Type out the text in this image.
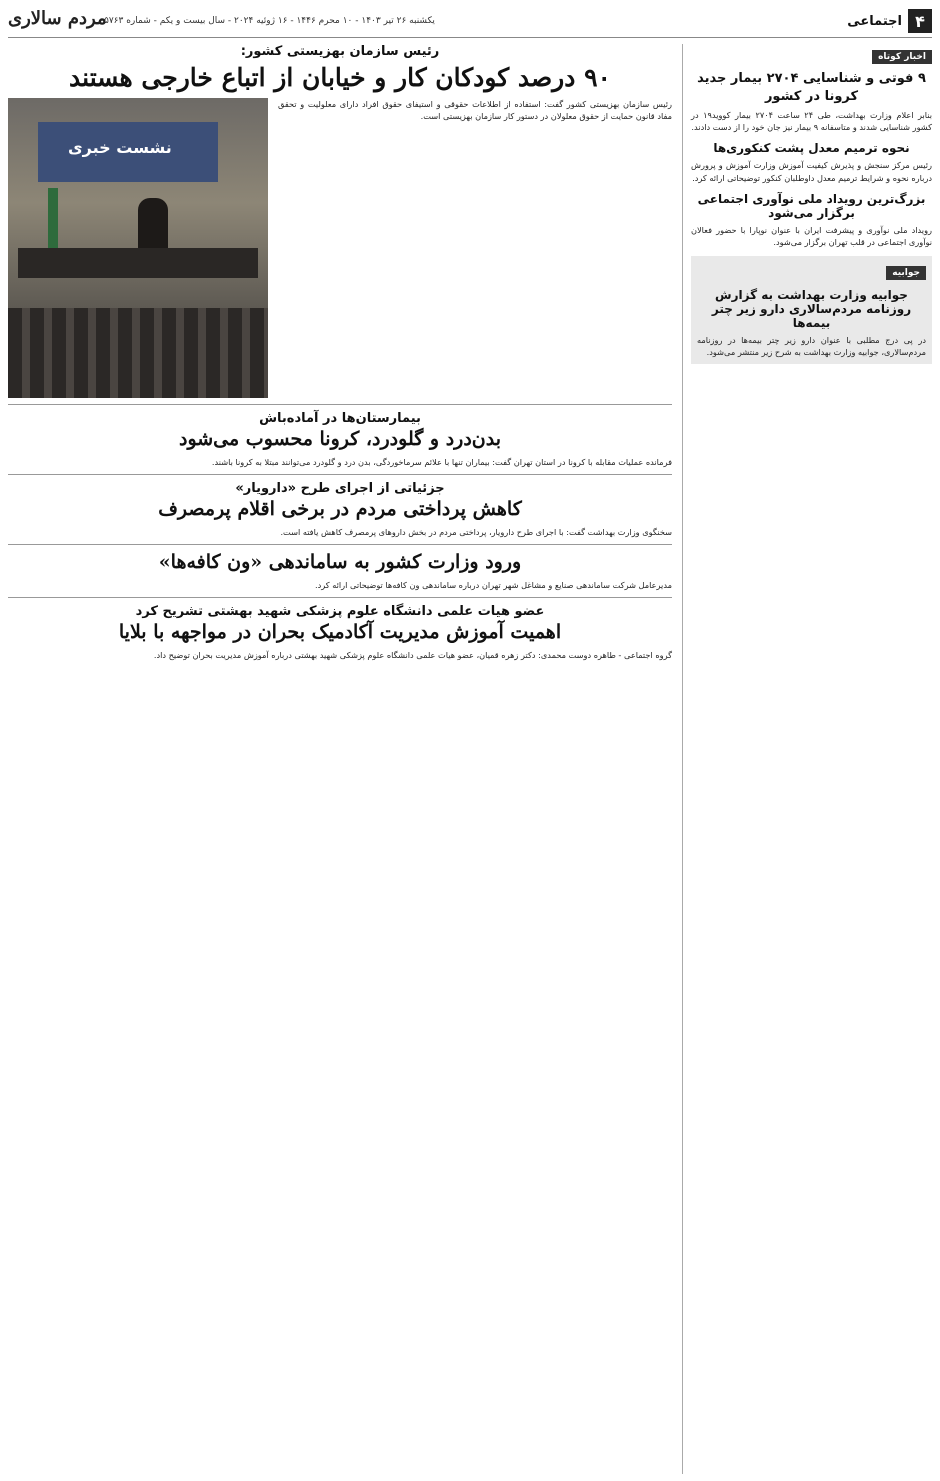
۴
اجتماعی
یکشنبه ۲۶ تیر ۱۴۰۳ - ۱۰ محرم ۱۴۴۶ - ۱۶ ژوئیه ۲۰۲۴ - سال بیست و یکم - شماره ۵۷۶۳
مردم سالاری
اخبار کوتاه
۹ فوتی و شناسایی ۲۷۰۴ بیمار جدید کرونا در کشور
بنابر اعلام وزارت بهداشت، طی ۲۴ ساعت ۲۷۰۴ بیمار کووید۱۹ در کشور شناسایی شدند و متاسفانه ۹ بیمار نیز جان خود را از دست دادند.
نحوه ترمیم معدل پشت کنکوری‌ها
رئیس مرکز سنجش و پذیرش کیفیت آموزش وزارت آموزش و پرورش درباره نحوه و شرایط ترمیم معدل داوطلبان کنکور توضیحاتی ارائه کرد.
بزرگ‌ترین رویداد ملی نوآوری اجتماعی برگزار می‌شود
رویداد ملی نوآوری و پیشرفت ایران با عنوان نوپارا با حضور فعالان نوآوری اجتماعی در قلب تهران برگزار می‌شود.
جوابیه
جوابیه وزارت بهداشت به گزارش روزنامه مردم‌سالاری دارو زیر چتر بیمه‌ها
در پی درج مطلبی با عنوان دارو زیر چتر بیمه‌ها در روزنامه مردم‌سالاری، جوابیه وزارت بهداشت به شرح زیر منتشر می‌شود.
رئیس سازمان بهزیستی کشور:
۹۰ درصد کودکان کار و خیابان از اتباع خارجی هستند
رئیس سازمان بهزیستی کشور گفت: استفاده از اطلاعات حقوقی و استیفای حقوق افراد دارای معلولیت و تحقق مفاد قانون حمایت از حقوق معلولان در دستور کار سازمان بهزیستی است.
نشست خبری
بیمارستان‌ها در آماده‌باش
بدن‌درد و گلودرد، کرونا محسوب می‌شود
فرمانده عملیات مقابله با کرونا در استان تهران گفت: بیماران تنها با علائم سرماخوردگی، بدن درد و گلودرد می‌توانند مبتلا به کرونا باشند.
جزئیاتی از اجرای طرح «دارویار»
کاهش پرداختی مردم در برخی اقلام پرمصرف
سخنگوی وزارت بهداشت گفت: با اجرای طرح دارویار، پرداختی مردم در بخش داروهای پرمصرف کاهش یافته است.
ورود وزارت کشور به ساماندهی «ون کافه‌ها»
مدیرعامل شرکت ساماندهی صنایع و مشاغل شهر تهران درباره ساماندهی ون کافه‌ها توضیحاتی ارائه کرد.
عضو هیات علمی دانشگاه علوم پزشکی شهید بهشتی تشریح کرد
اهمیت آموزش مدیریت آکادمیک بحران در مواجهه با بلایا
گروه اجتماعی - طاهره دوست محمدی: دکتر زهره قمیان، عضو هیات علمی دانشگاه علوم پزشکی شهید بهشتی درباره آموزش مدیریت بحران توضیح داد.
